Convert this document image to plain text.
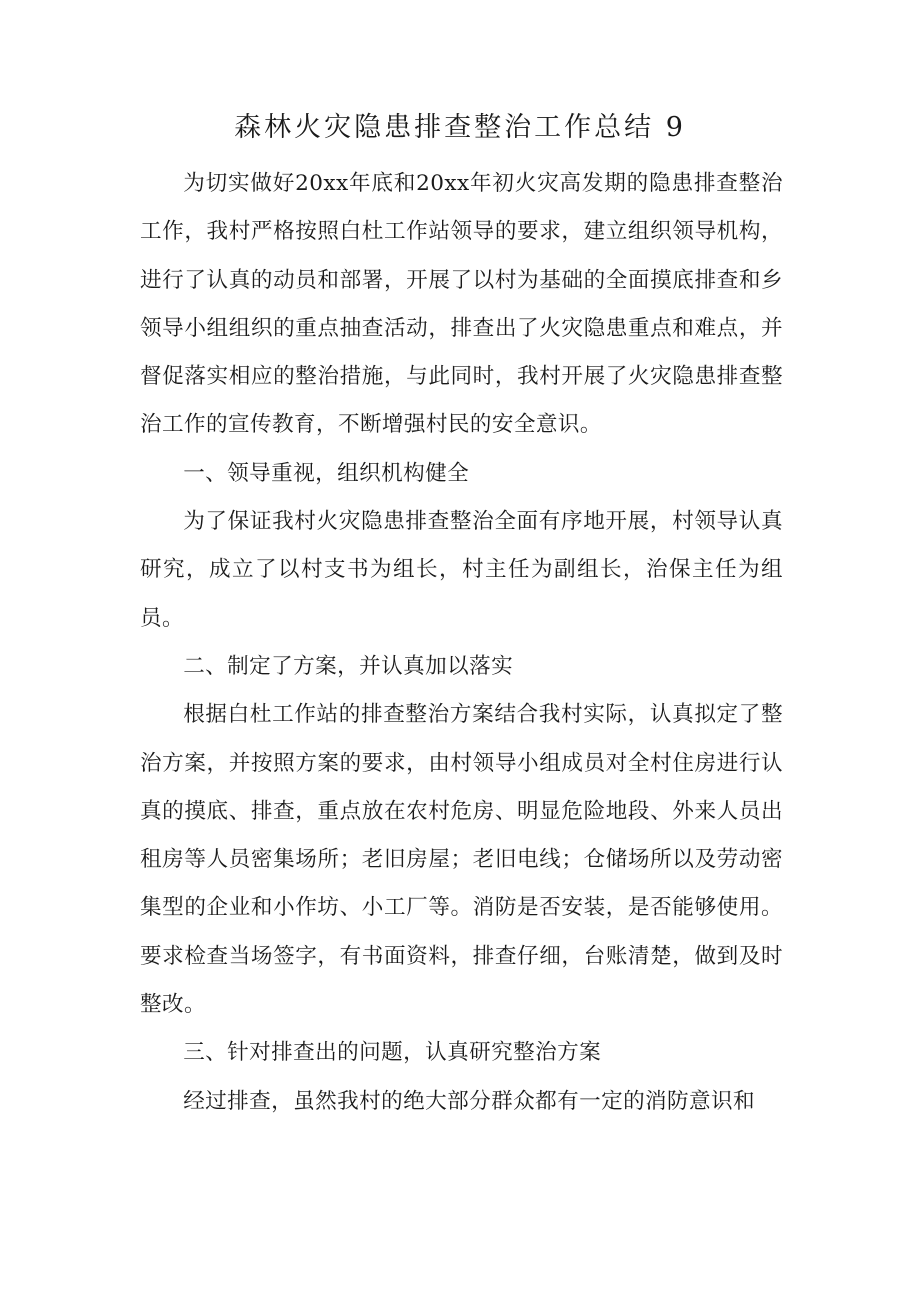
森林火灾隐患排查整治工作总结 9

为切实做好20xx年底和20xx年初火灾高发期的隐患排查整治工作，我村严格按照白杜工作站领导的要求，建立组织领导机构，进行了认真的动员和部署，开展了以村为基础的全面摸底排查和乡领导小组组织的重点抽查活动，排查出了火灾隐患重点和难点，并督促落实相应的整治措施，与此同时，我村开展了火灾隐患排查整治工作的宣传教育，不断增强村民的安全意识。

一、领导重视，组织机构健全

为了保证我村火灾隐患排查整治全面有序地开展，村领导认真研究，成立了以村支书为组长，村主任为副组长，治保主任为组员。

二、制定了方案，并认真加以落实

根据白杜工作站的排查整治方案结合我村实际，认真拟定了整治方案，并按照方案的要求，由村领导小组成员对全村住房进行认真的摸底、排查，重点放在农村危房、明显危险地段、外来人员出租房等人员密集场所；老旧房屋；老旧电线；仓储场所以及劳动密集型的企业和小作坊、小工厂等。消防是否安装，是否能够使用。要求检查当场签字，有书面资料，排查仔细，台账清楚，做到及时整改。

三、针对排查出的问题，认真研究整治方案

经过排查，虽然我村的绝大部分群众都有一定的消防意识和
